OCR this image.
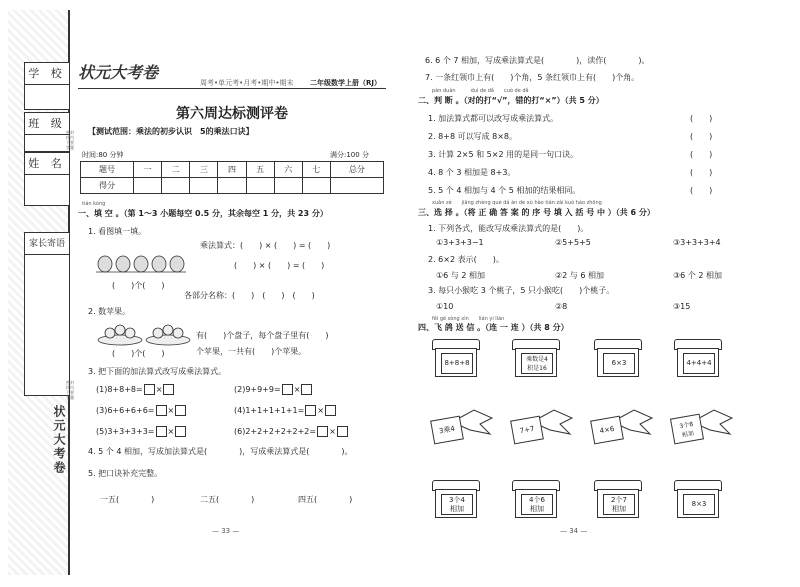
学 校
班 级
姓 名
家长寄语
状元大考卷
密封线内不要答题
密封线内不要答题
状元大考卷
周考•单元考•月考•期中•期末 二年级数学上册（RJ）
第六周达标测评卷
【测试范围：乘法的初步认识　5的乘法口诀】
时间:80 分钟	满分:100 分
题号	一	二	三	四	五	六	七	总分
得分								
tián kòng
一、填 空 。（第 1～3 小题每空 0.5 分，其余每空 1 分，共 23 分）
1. 看图填一填。
(　　)个(　　)
乘法算式：(　　) × (　　) = (　　)
(　　) × (　　) = (　　)
各部分名称：(　　)　(　　)　(　　)
2. 数苹果。
(　　)个(　　)
有(　　)个盘子，每个盘子里有(　　)
个苹果，一共有(　　)个苹果。
3. 把下面的加法算式改写成乘法算式。
(1)8+8+8= ×	(2)9+9+9= ×
(3)6+6+6+6= ×	(4)1+1+1+1+1= ×
(5)3+3+3+3= ×	(6)2+2+2+2+2+2= ×
4. 5 个 4 相加，写成加法算式是(　　　　)，写成乘法算式是(　　　　)。
5. 把口诀补充完整。
一五(　　　　)	二五(　　　　)	四五(　　　　)
— 33 —
6. 6 个 7 相加，写成乘法算式是(　　　　)，读作(　　　　)。
7. 一条红领巾上有(　　)个角，5 条红领巾上有(　　)个角。
pàn duàn　　　duì de dǎ　　cuò de dǎ
二、判 断 。（对的打“√”，错的打“×”）（共 5 分）
1. 加法算式都可以改写成乘法算式。
2. 8+8 可以写成 8×8。
3. 计算 2×5 和 5×2 用的是同一句口诀。
4. 8 个 3 相加是 8+3。
5. 5 个 4 相加与 4 个 5 相加的结果相同。
(　　)
(　　)
(　　)
(　　)
(　　)
xuǎn zé　　jiāng zhèng què dá àn de xù hào tián zài kuò hào zhōng
三、选 择 。（将 正 确 答 案 的 序 号 填 入 括 号 中 ）（共 6 分）
1. 下列各式，能改写成乘法算式的是(　　)。
①3+3+3−1	②5+5+5	③3+3+3+4
2. 6×2 表示(　　)。
①6 与 2 相加	②2 与 6 相加	③6 个 2 相加
3. 每只小猴吃 3 个桃子，5 只小猴吃(　　)个桃子。
①10	②8	③15
fēi gē sòng xìn　　lián yi lián
四、飞 鸽 送 信 。（连 一 连 ）（共 8 分）
8+8+8	乘数是4
积是16
6×3	4+4+4
3乘4	7+7	4×6	3个8
相加
3个4
相加
4个6
相加
2个7
相加
8×3
— 34 —
